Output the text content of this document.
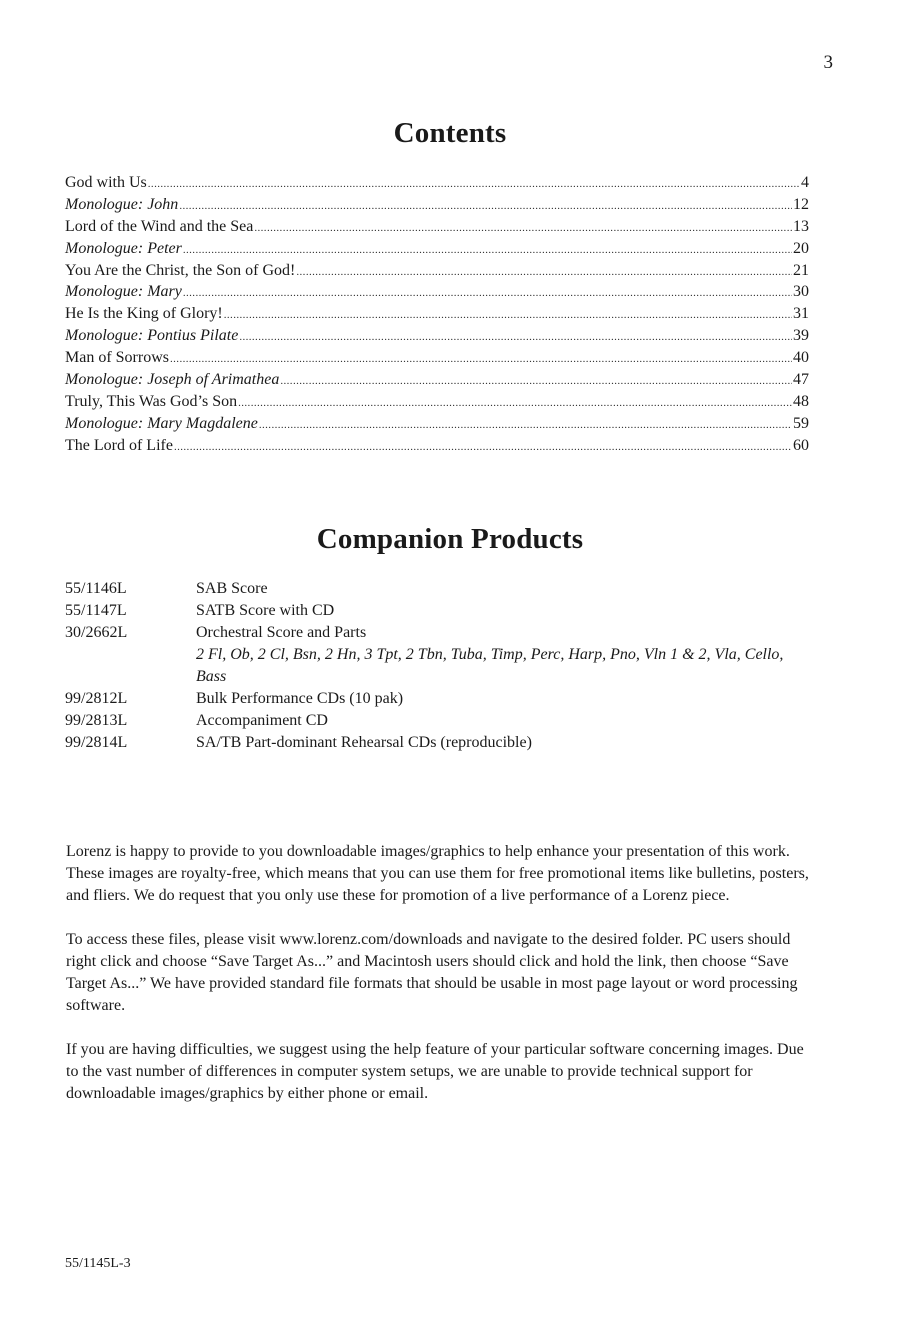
3
Contents
God with Us .....	4
Monologue: John .....	12
Lord of the Wind and the Sea .....	13
Monologue: Peter .....	20
You Are the Christ, the Son of God! .....	21
Monologue: Mary .....	30
He Is the King of Glory! .....	31
Monologue: Pontius Pilate .....	39
Man of Sorrows .....	40
Monologue: Joseph of Arimathea .....	47
Truly, This Was God’s Son .....	48
Monologue: Mary Magdalene .....	59
The Lord of Life .....	60
Companion Products
55/1146L	SAB Score
55/1147L	SATB Score with CD
30/2662L	Orchestral Score and Parts
2 Fl, Ob, 2 Cl, Bsn, 2 Hn, 3 Tpt, 2 Tbn, Tuba, Timp, Perc, Harp, Pno, Vln 1 & 2, Vla, Cello, Bass
99/2812L	Bulk Performance CDs (10 pak)
99/2813L	Accompaniment CD
99/2814L	SA/TB Part-dominant Rehearsal CDs (reproducible)

Lorenz is happy to provide to you downloadable images/graphics to help enhance your presentation of this work. These images are royalty-free, which means that you can use them for free promotional items like bulletins, posters, and fliers. We do request that you only use these for promotion of a live performance of a Lorenz piece.

To access these files, please visit www.lorenz.com/downloads and navigate to the desired folder. PC users should right click and choose “Save Target As...” and Macintosh users should click and hold the link, then choose “Save Target As...” We have provided standard file formats that should be usable in most page layout or word processing software.

If you are having difficulties, we suggest using the help feature of your particular software concerning images. Due to the vast number of differences in computer system setups, we are unable to provide technical support for downloadable images/graphics by either phone or email.

55/1145L-3
